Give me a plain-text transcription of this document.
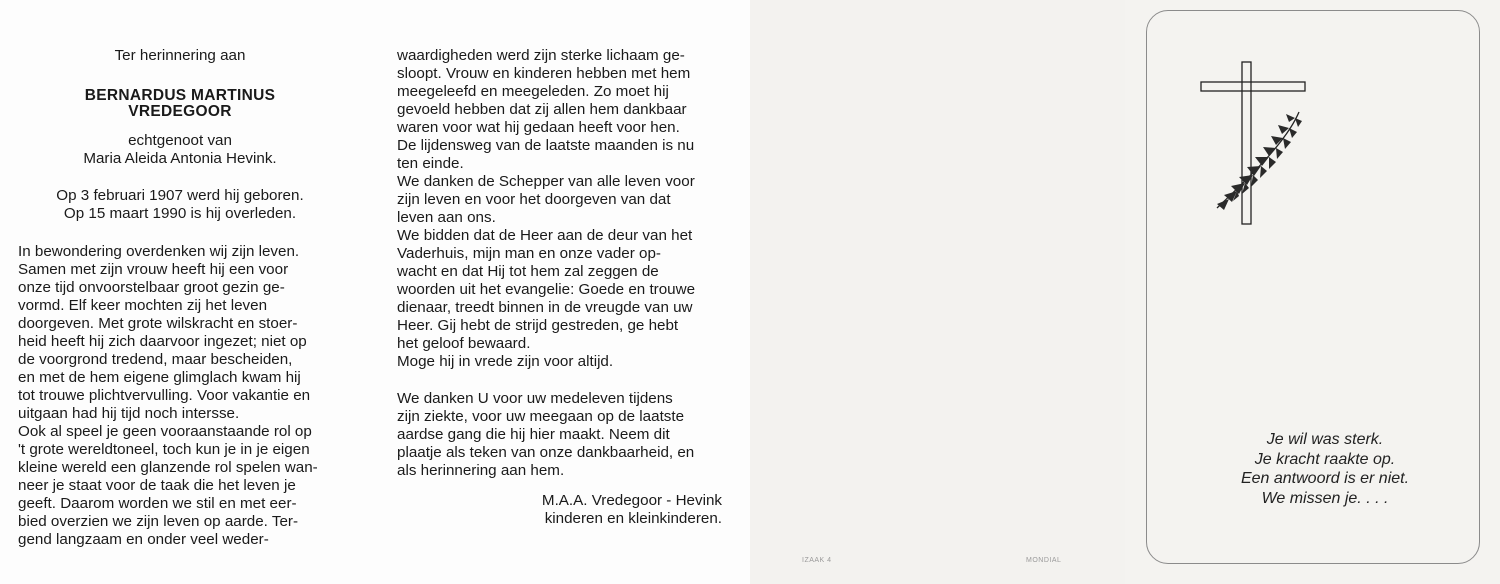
Ter herinnering aan
BERNARDUS MARTINUS
VREDEGOOR
echtgenoot van
Maria Aleida Antonia Hevink.
Op 3 februari 1907 werd hij geboren.
Op 15 maart 1990 is hij overleden.
In bewondering overdenken wij zijn leven.
Samen met zijn vrouw heeft hij een voor
onze tijd onvoorstelbaar groot gezin ge-
vormd. Elf keer mochten zij het leven
doorgeven. Met grote wilskracht en stoer-
heid heeft hij zich daarvoor ingezet; niet op
de voorgrond tredend, maar bescheiden,
en met de hem eigene glimglach kwam hij
tot trouwe plichtvervulling. Voor vakantie en
uitgaan had hij tijd noch intersse.
Ook al speel je geen vooraanstaande rol op
't grote wereldtoneel, toch kun je in je eigen
kleine wereld een glanzende rol spelen wan-
neer je staat voor de taak die het leven je
geeft. Daarom worden we stil en met eer-
bied overzien we zijn leven op aarde. Ter-
gend langzaam en onder veel weder-
waardigheden werd zijn sterke lichaam ge-
sloopt. Vrouw en kinderen hebben met hem
meegeleefd en meegeleden. Zo moet hij
gevoeld hebben dat zij allen hem dankbaar
waren voor wat hij gedaan heeft voor hen.
De lijdensweg van de laatste maanden is nu
ten einde.
We danken de Schepper van alle leven voor
zijn leven en voor het doorgeven van dat
leven aan ons.
We bidden dat de Heer aan de deur van het
Vaderhuis, mijn man en onze vader op-
wacht en dat Hij tot hem zal zeggen de
woorden uit het evangelie: Goede en trouwe
dienaar, treedt binnen in de vreugde van uw
Heer. Gij hebt de strijd gestreden, ge hebt
het geloof bewaard.
Moge hij in vrede zijn voor altijd.
We danken U voor uw medeleven tijdens
zijn ziekte, voor uw meegaan op de laatste
aardse gang die hij hier maakt. Neem dit
plaatje als teken van onze dankbaarheid, en
als herinnering aan hem.
M.A.A. Vredegoor - Hevink
kinderen en kleinkinderen.
IZAAK 4	MONDIAL
Je wil was sterk.
Je kracht raakte op.
Een antwoord is er niet.
We missen je. . . .
